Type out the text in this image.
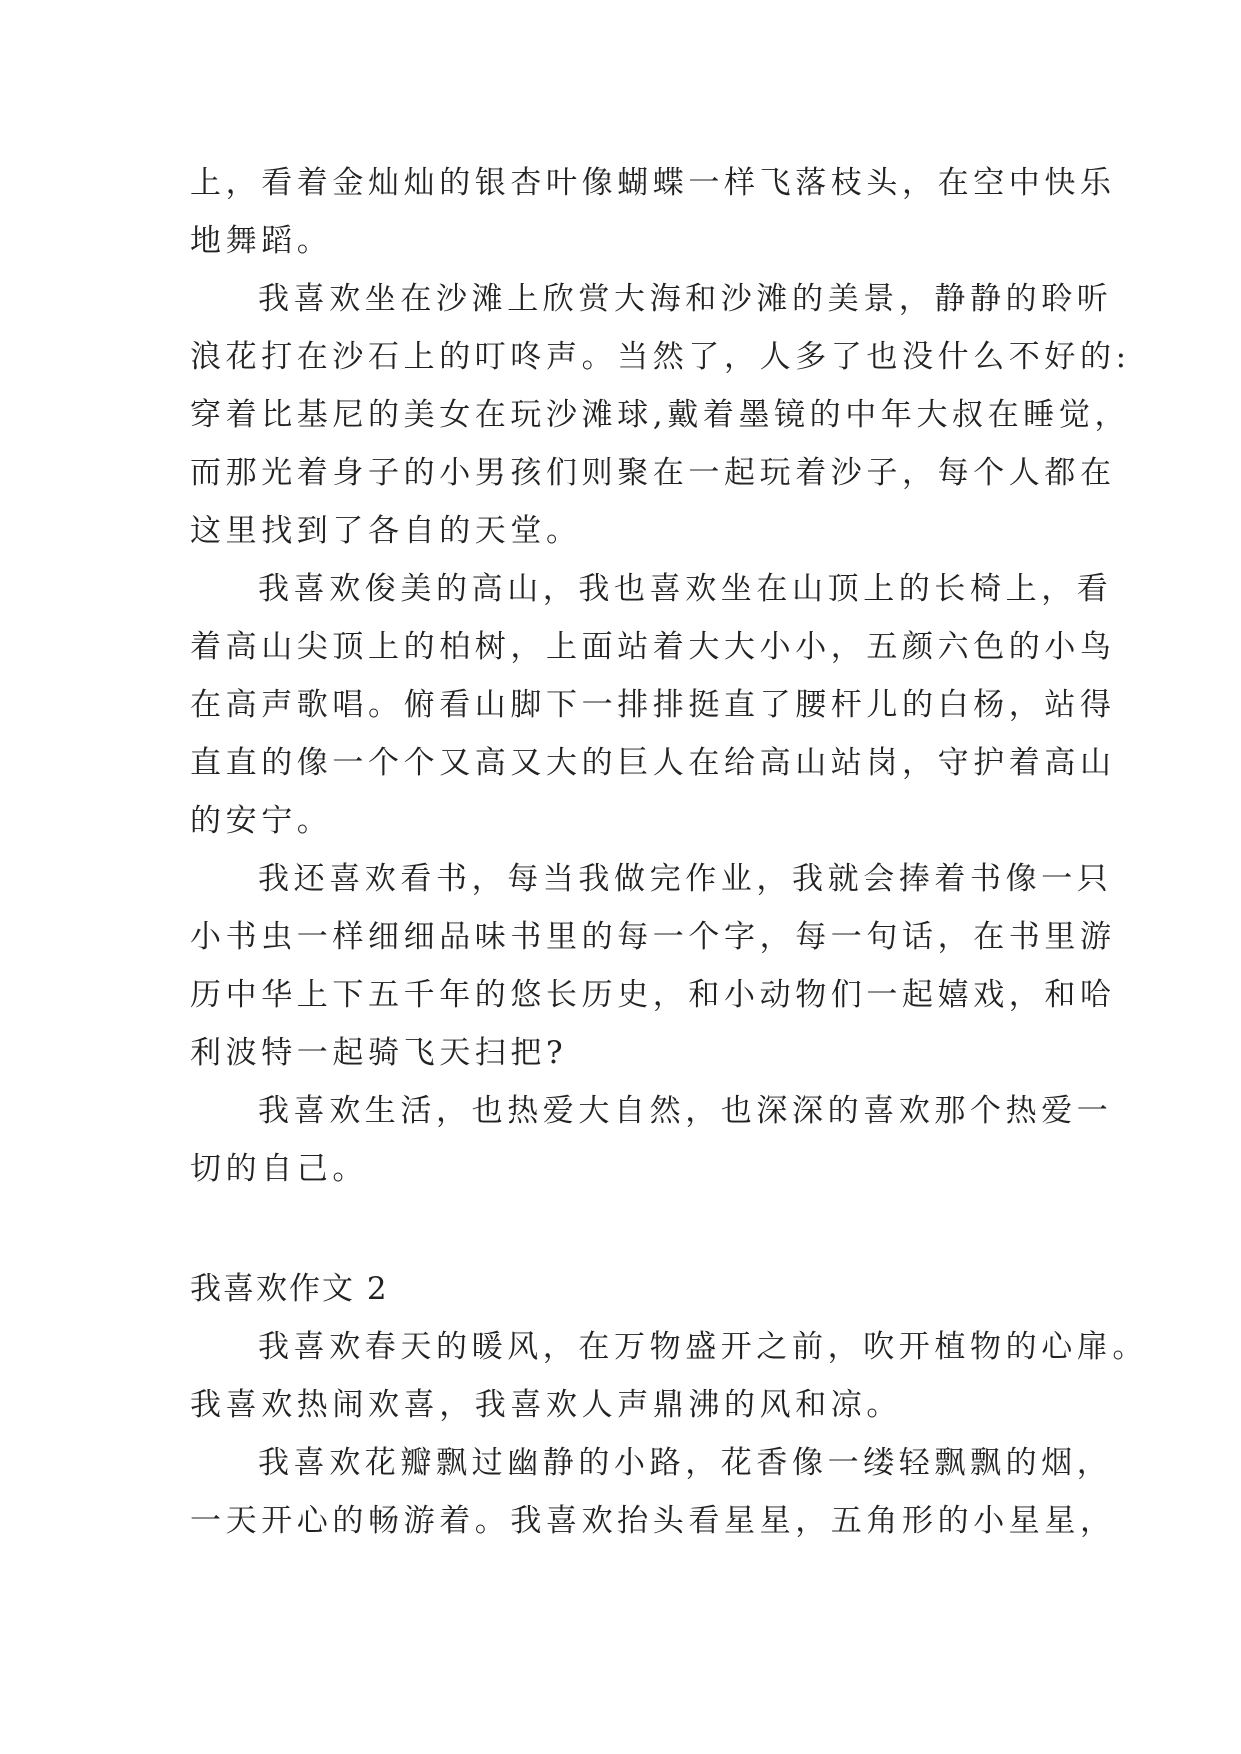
上，看着金灿灿的银杏叶像蝴蝶一样飞落枝头，在空中快乐
地舞蹈。
我喜欢坐在沙滩上欣赏大海和沙滩的美景，静静的聆听
浪花打在沙石上的叮咚声。当然了，人多了也没什么不好的:
穿着比基尼的美女在玩沙滩球,戴着墨镜的中年大叔在睡觉，
而那光着身子的小男孩们则聚在一起玩着沙子，每个人都在
这里找到了各自的天堂。
我喜欢俊美的高山，我也喜欢坐在山顶上的长椅上，看
着高山尖顶上的柏树，上面站着大大小小，五颜六色的小鸟
在高声歌唱。俯看山脚下一排排挺直了腰杆儿的白杨，站得
直直的像一个个又高又大的巨人在给高山站岗，守护着高山
的安宁。
我还喜欢看书，每当我做完作业，我就会捧着书像一只
小书虫一样细细品味书里的每一个字，每一句话，在书里游
历中华上下五千年的悠长历史，和小动物们一起嬉戏，和哈
利波特一起骑飞天扫把?
我喜欢生活，也热爱大自然，也深深的喜欢那个热爱一
切的自己。
我喜欢作文 2
我喜欢春天的暖风，在万物盛开之前，吹开植物的心扉。
我喜欢热闹欢喜，我喜欢人声鼎沸的风和凉。
我喜欢花瓣飘过幽静的小路，花香像一缕轻飘飘的烟，
一天开心的畅游着。我喜欢抬头看星星，五角形的小星星，
